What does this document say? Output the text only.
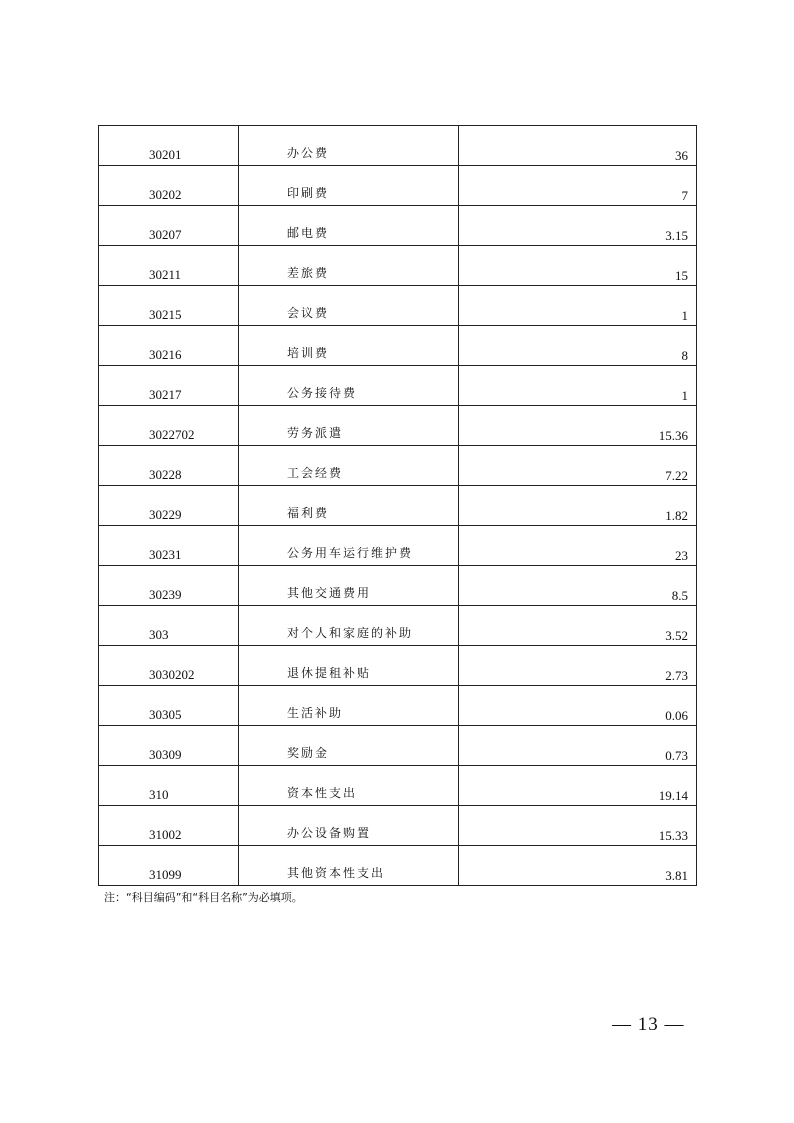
30201	办公费	36

30202	印刷费	7

30207	邮电费	3.15

30211	差旅费	15

30215	会议费	1

30216	培训费	8

30217	公务接待费	1

3022702	劳务派遣	15.36

30228	工会经费	7.22

30229	福利费	1.82

30231	公务用车运行维护费	23

30239	其他交通费用	8.5

303	对个人和家庭的补助	3.52

3030202	退休提租补贴	2.73

30305	生活补助	0.06

30309	奖励金	0.73

310	资本性支出	19.14

31002	办公设备购置	15.33

31099	其他资本性支出	3.81
注：“科目编码”和“科目名称”为必填项。
— 13 —
